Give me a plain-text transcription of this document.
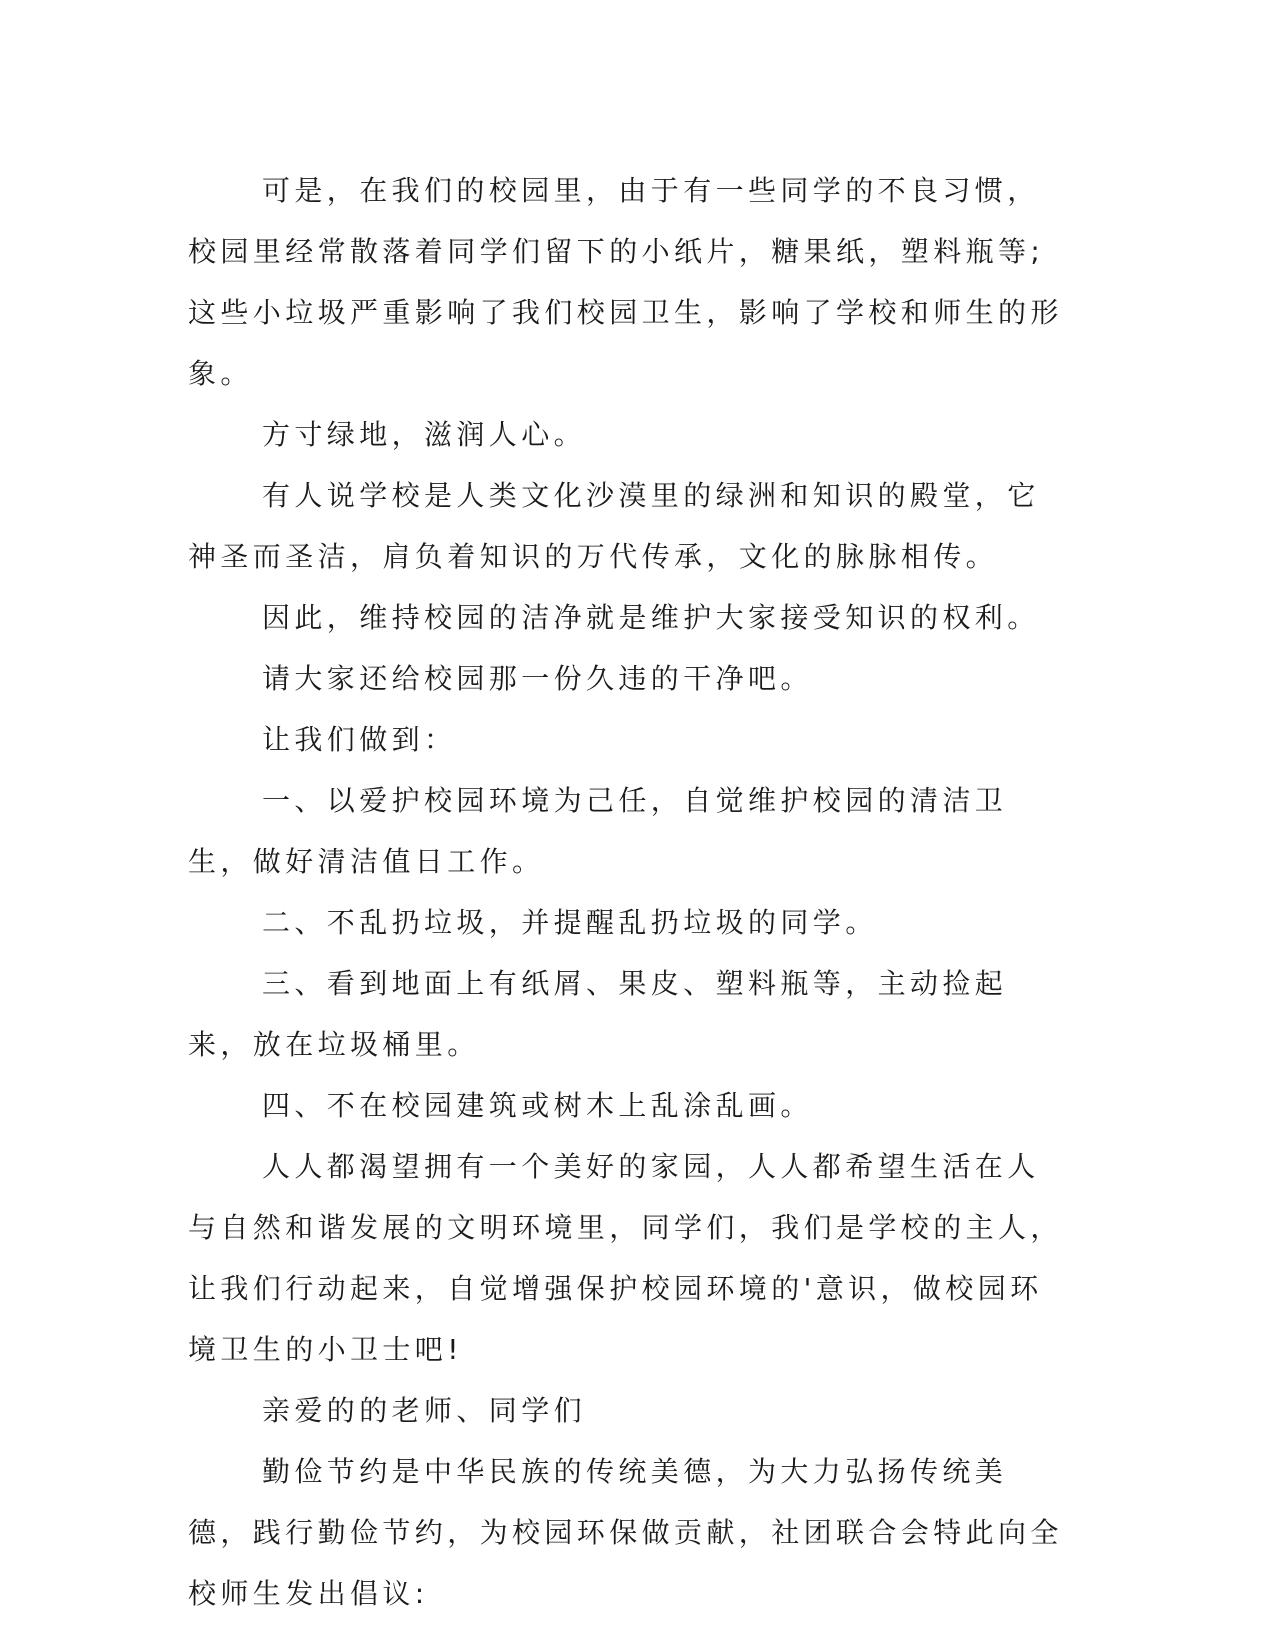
可是，在我们的校园里，由于有一些同学的不良习惯，校园里经常散落着同学们留下的小纸片，糖果纸，塑料瓶等;这些小垃圾严重影响了我们校园卫生，影响了学校和师生的形象。

方寸绿地，滋润人心。

有人说学校是人类文化沙漠里的绿洲和知识的殿堂，它神圣而圣洁，肩负着知识的万代传承，文化的脉脉相传。

因此，维持校园的洁净就是维护大家接受知识的权利。

请大家还给校园那一份久违的干净吧。

让我们做到：

一、以爱护校园环境为己任，自觉维护校园的清洁卫生，做好清洁值日工作。

二、不乱扔垃圾，并提醒乱扔垃圾的同学。

三、看到地面上有纸屑、果皮、塑料瓶等，主动捡起来，放在垃圾桶里。

四、不在校园建筑或树木上乱涂乱画。

人人都渴望拥有一个美好的家园，人人都希望生活在人与自然和谐发展的文明环境里，同学们，我们是学校的主人，让我们行动起来，自觉增强保护校园环境的'意识，做校园环境卫生的小卫士吧!

亲爱的的老师、同学们

勤俭节约是中华民族的传统美德，为大力弘扬传统美德，践行勤俭节约，为校园环保做贡献，社团联合会特此向全校师生发出倡议:
